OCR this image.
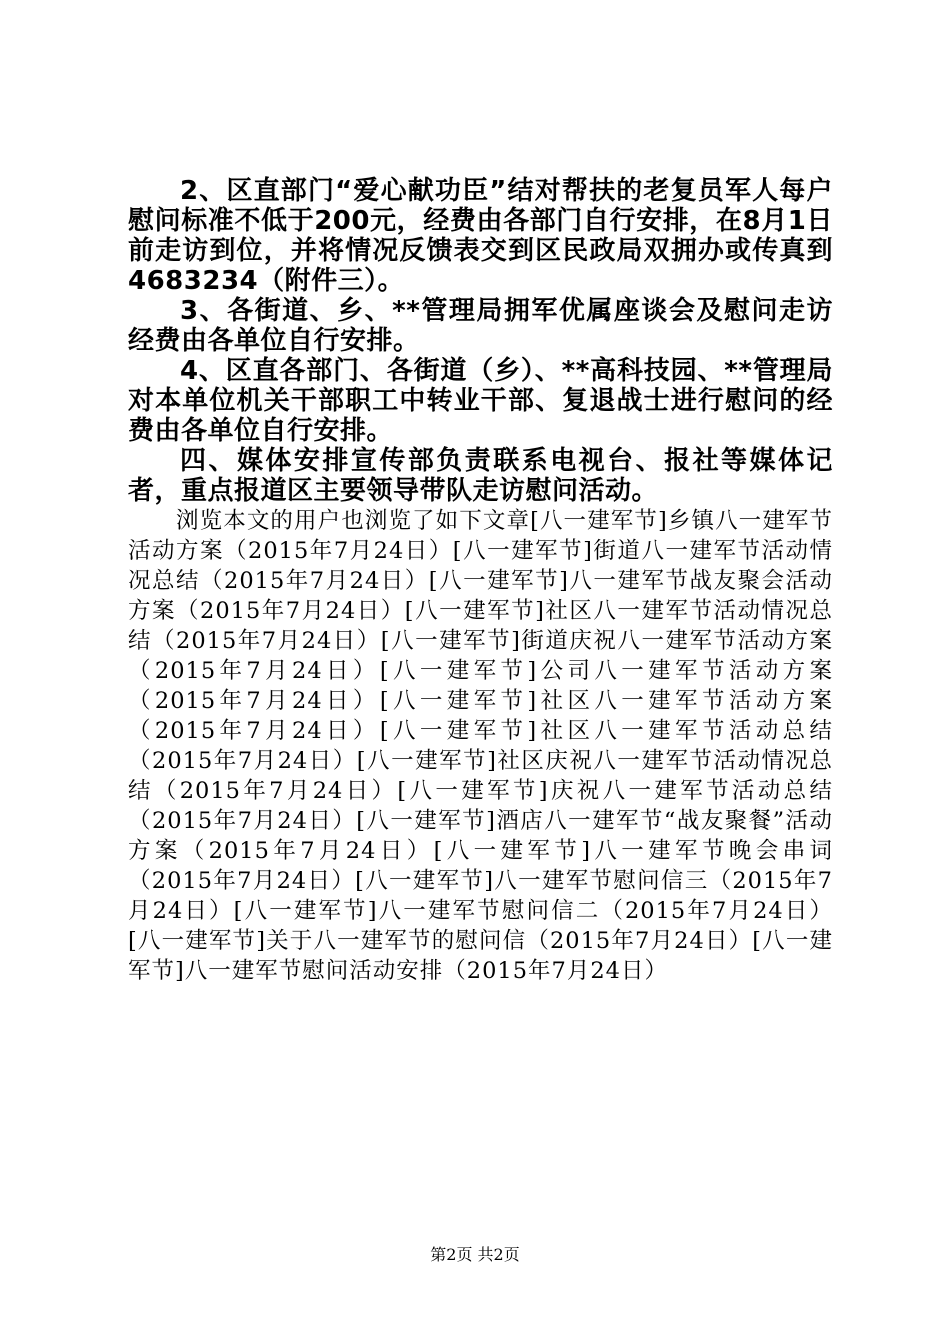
2、区直部门“爱心献功臣”结对帮扶的老复员军人每户慰问标准不低于200元，经费由各部门自行安排，在8月1日前走访到位，并将情况反馈表交到区民政局双拥办或传真到4683234（附件三）。

3、各街道、乡、**管理局拥军优属座谈会及慰问走访经费由各单位自行安排。

4、区直各部门、各街道（乡）、**高科技园、**管理局对本单位机关干部职工中转业干部、复退战士进行慰问的经费由各单位自行安排。

四、媒体安排宣传部负责联系电视台、报社等媒体记者，重点报道区主要领导带队走访慰问活动。

浏览本文的用户也浏览了如下文章[八一建军节]乡镇八一建军节活动方案（2015年7月24日）[八一建军节]街道八一建军节活动情况总结（2015年7月24日）[八一建军节]八一建军节战友聚会活动方案（2015年7月24日）[八一建军节]社区八一建军节活动情况总结（2015年7月24日）[八一建军节]街道庆祝八一建军节活动方案（2015年7月24日）[八一建军节]公司八一建军节活动方案（2015年7月24日）[八一建军节]社区八一建军节活动方案（2015年7月24日）[八一建军节]社区八一建军节活动总结（2015年7月24日）[八一建军节]社区庆祝八一建军节活动情况总结（2015年7月24日）[八一建军节]庆祝八一建军节活动总结（2015年7月24日）[八一建军节]酒店八一建军节“战友聚餐”活动方案（2015年7月24日）[八一建军节]八一建军节晚会串词（2015年7月24日）[八一建军节]八一建军节慰问信三（2015年7月24日）[八一建军节]八一建军节慰问信二（2015年7月24日）[八一建军节]关于八一建军节的慰问信（2015年7月24日）[八一建军节]八一建军节慰问活动安排（2015年7月24日）

第2页 共2页
